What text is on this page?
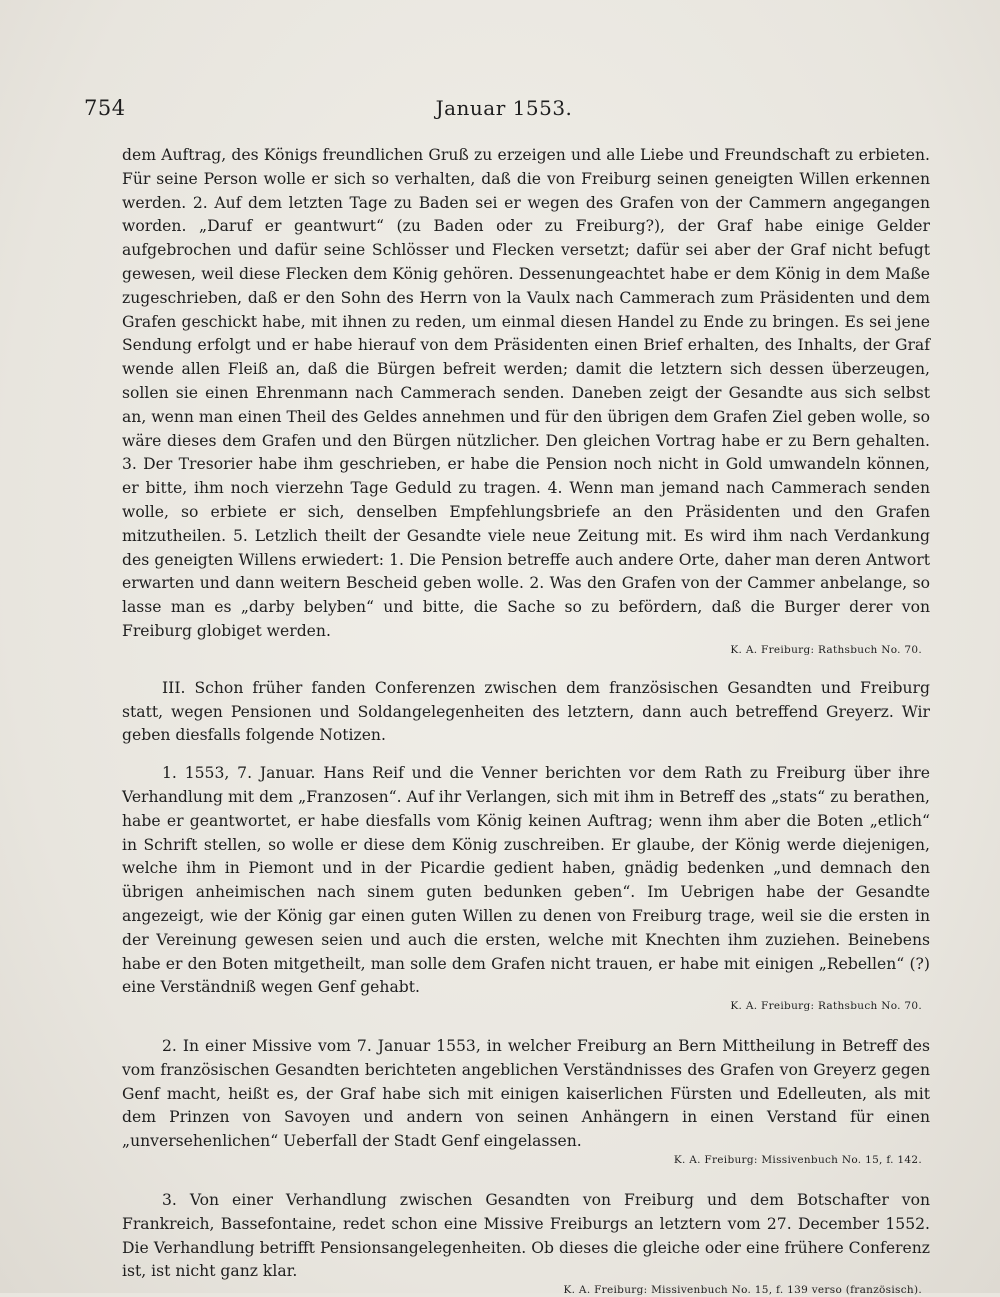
754	Januar 1553.

dem Auftrag, des Königs freundlichen Gruß zu erzeigen und alle Liebe und Freundschaft zu erbieten. Für seine Person wolle er sich so verhalten, daß die von Freiburg seinen geneigten Willen erkennen werden. 2. Auf dem letzten Tage zu Baden sei er wegen des Grafen von der Cammern angegangen worden. „Daruf er geantwurt“ (zu Baden oder zu Freiburg?), der Graf habe einige Gelder aufgebrochen und dafür seine Schlösser und Flecken versetzt; dafür sei aber der Graf nicht befugt gewesen, weil diese Flecken dem König gehören. Dessenungeachtet habe er dem König in dem Maße zugeschrieben, daß er den Sohn des Herrn von la Vaulx nach Cammerach zum Präsidenten und dem Grafen geschickt habe, mit ihnen zu reden, um einmal diesen Handel zu Ende zu bringen. Es sei jene Sendung erfolgt und er habe hierauf von dem Präsidenten einen Brief erhalten, des Inhalts, der Graf wende allen Fleiß an, daß die Bürgen befreit werden; damit die letztern sich dessen überzeugen, sollen sie einen Ehrenmann nach Cammerach senden. Daneben zeigt der Gesandte aus sich selbst an, wenn man einen Theil des Geldes annehmen und für den übrigen dem Grafen Ziel geben wolle, so wäre dieses dem Grafen und den Bürgen nützlicher. Den gleichen Vortrag habe er zu Bern gehalten. 3. Der Tresorier habe ihm geschrieben, er habe die Pension noch nicht in Gold umwandeln können, er bitte, ihm noch vierzehn Tage Geduld zu tragen. 4. Wenn man jemand nach Cammerach senden wolle, so erbiete er sich, denselben Empfehlungsbriefe an den Präsidenten und den Grafen mitzutheilen. 5. Letzlich theilt der Gesandte viele neue Zeitung mit. Es wird ihm nach Verdankung des geneigten Willens erwiedert: 1. Die Pension betreffe auch andere Orte, daher man deren Antwort erwarten und dann weitern Bescheid geben wolle. 2. Was den Grafen von der Cammer anbelange, so lasse man es „darby belyben“ und bitte, die Sache so zu befördern, daß die Burger derer von Freiburg globiget werden.

K. A. Freiburg: Rathsbuch No. 70.

III. Schon früher fanden Conferenzen zwischen dem französischen Gesandten und Freiburg statt, wegen Pensionen und Soldangelegenheiten des letztern, dann auch betreffend Greyerz. Wir geben diesfalls folgende Notizen.

1. 1553, 7. Januar. Hans Reif und die Venner berichten vor dem Rath zu Freiburg über ihre Verhandlung mit dem „Franzosen“. Auf ihr Verlangen, sich mit ihm in Betreff des „stats“ zu berathen, habe er geantwortet, er habe diesfalls vom König keinen Auftrag; wenn ihm aber die Boten „etlich“ in Schrift stellen, so wolle er diese dem König zuschreiben. Er glaube, der König werde diejenigen, welche ihm in Piemont und in der Picardie gedient haben, gnädig bedenken „und demnach den übrigen anheimischen nach sinem guten bedunken geben“. Im Uebrigen habe der Gesandte angezeigt, wie der König gar einen guten Willen zu denen von Freiburg trage, weil sie die ersten in der Vereinung gewesen seien und auch die ersten, welche mit Knechten ihm zuziehen. Beinebens habe er den Boten mitgetheilt, man solle dem Grafen nicht trauen, er habe mit einigen „Rebellen“ (?) eine Verständniß wegen Genf gehabt.

K. A. Freiburg: Rathsbuch No. 70.

2. In einer Missive vom 7. Januar 1553, in welcher Freiburg an Bern Mittheilung in Betreff des vom französischen Gesandten berichteten angeblichen Verständnisses des Grafen von Greyerz gegen Genf macht, heißt es, der Graf habe sich mit einigen kaiserlichen Fürsten und Edelleuten, als mit dem Prinzen von Savoyen und andern von seinen Anhängern in einen Verstand für einen „unversehenlichen“ Ueberfall der Stadt Genf eingelassen.

K. A. Freiburg: Missivenbuch No. 15, f. 142.

3. Von einer Verhandlung zwischen Gesandten von Freiburg und dem Botschafter von Frankreich, Bassefontaine, redet schon eine Missive Freiburgs an letztern vom 27. December 1552. Die Verhandlung betrifft Pensionsangelegenheiten. Ob dieses die gleiche oder eine frühere Conferenz ist, ist nicht ganz klar.

K. A. Freiburg: Missivenbuch No. 15, f. 139 verso (französisch).
